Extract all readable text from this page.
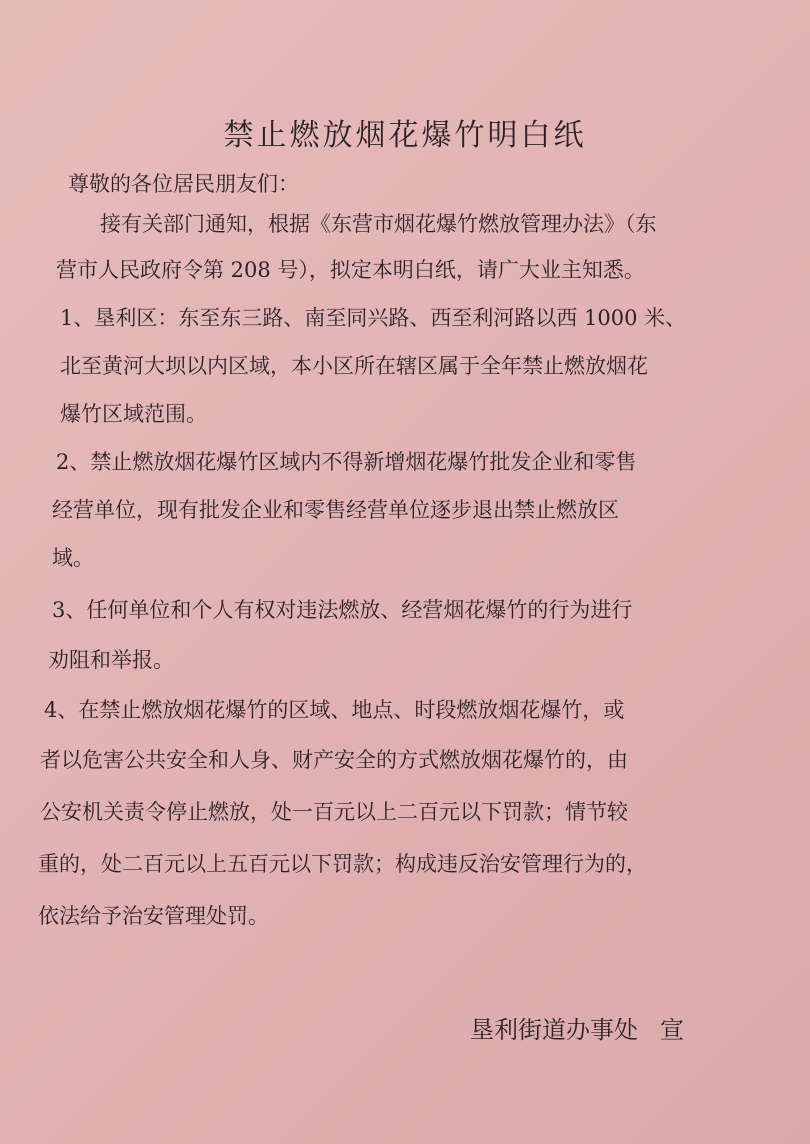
禁止燃放烟花爆竹明白纸
尊敬的各位居民朋友们：
接有关部门通知，根据《东营市烟花爆竹燃放管理办法》（东
营市人民政府令第 208 号），拟定本明白纸，请广大业主知悉。
1、垦利区：东至东三路、南至同兴路、西至利河路以西 1000 米、
北至黄河大坝以内区域，本小区所在辖区属于全年禁止燃放烟花
爆竹区域范围。
2、禁止燃放烟花爆竹区域内不得新增烟花爆竹批发企业和零售
经营单位，现有批发企业和零售经营单位逐步退出禁止燃放区
域。
3、任何单位和个人有权对违法燃放、经营烟花爆竹的行为进行
劝阻和举报。
4、在禁止燃放烟花爆竹的区域、地点、时段燃放烟花爆竹，或
者以危害公共安全和人身、财产安全的方式燃放烟花爆竹的，由
公安机关责令停止燃放，处一百元以上二百元以下罚款；情节较
重的，处二百元以上五百元以下罚款；构成违反治安管理行为的，
依法给予治安管理处罚。
垦利街道办事处 宣
